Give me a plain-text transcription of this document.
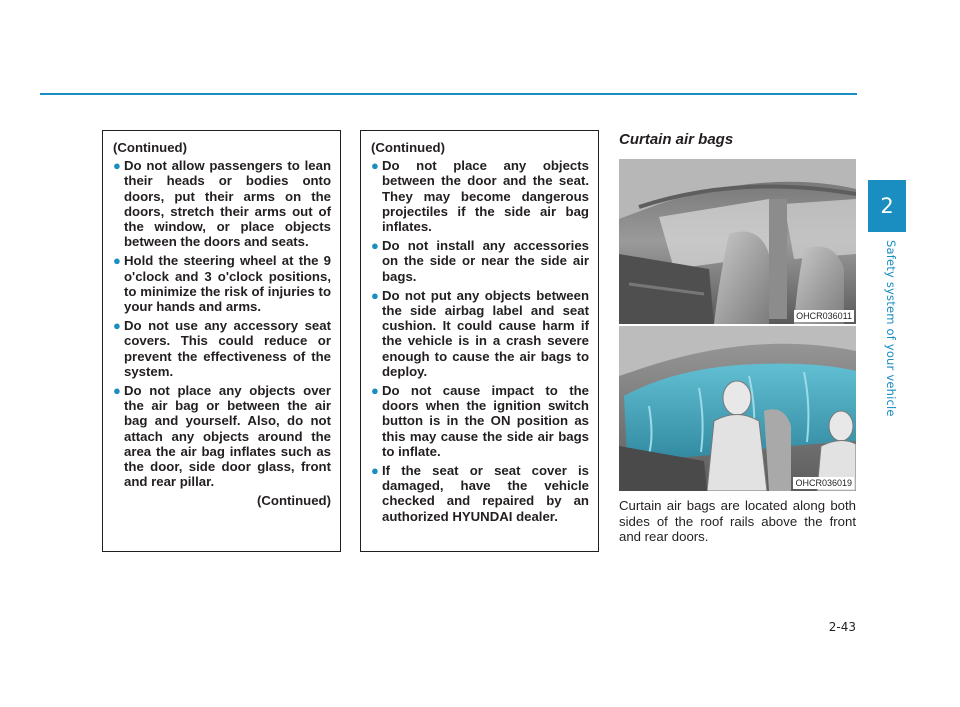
2
Safety system of your vehicle
(Continued)
● Do not allow passengers to lean their heads or bodies onto doors, put their arms on the doors, stretch their arms out of the window, or place objects between the doors and seats.
● Hold the steering wheel at the 9 o'clock and 3 o'clock positions, to minimize the risk of injuries to your hands and arms.
● Do not use any accessory seat covers. This could reduce or prevent the effectiveness of the system.
● Do not place any objects over the air bag or between the air bag and yourself. Also, do not attach any objects around the area the air bag inflates such as the door, side door glass, front and rear pillar.
(Continued)
(Continued)
● Do not place any objects between the door and the seat. They may become dangerous projectiles if the side air bag inflates.
● Do not install any accessories on the side or near the side air bags.
● Do not put any objects between the side airbag label and seat cushion. It could cause harm if the vehicle is in a crash severe enough to cause the air bags to deploy.
● Do not cause impact to the doors when the ignition switch button is in the ON position as this may cause the side air bags to inflate.
● If the seat or seat cover is damaged, have the vehicle checked and repaired by an authorized HYUNDAI dealer.
Curtain air bags
OHCR036011
OHCR036019
Curtain air bags are located along both sides of the roof rails above the front and rear doors.
2-43
